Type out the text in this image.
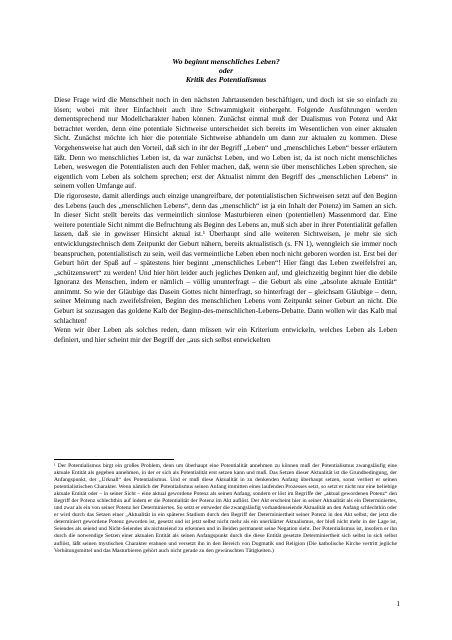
Wo beginnt menschliches Leben?
oder
Kritik des Potentialismus

Diese Frage wird die Menschheit noch in den nächsten Jahrtausenden beschäftigen, und doch ist sie so einfach zu lösen; wobei mit ihrer Einfachheit auch ihre Schwammigkeit einhergeht. Folgende Ausführungen werden dementsprechend nur Modellcharakter haben können. Zunächst einmal muß der Dualismus von Potenz und Akt betrachtet werden, denn eine potentiale Sichtweise unterscheidet sich bereits im Wesentlichen von einer aktualen Sicht. Zunächst möchte ich hier die potentiale Sichtweise abhandeln um dann zur aktualen zu kommen. Diese Vorgehensweise hat auch den Vorteil, daß sich in ihr der Begriff „Leben“ und „menschliches Leben“ besser erläutern läßt. Denn wo menschliches Leben ist, da war zunächst Leben, und wo Leben ist, da ist noch nicht menschliches Leben, weswegen die Potentialisten auch den Fehler machen, daß, wenn sie über menschliches Leben sprechen, sie eigentlich vom Leben als solchem sprechen; erst der Aktualist nimmt den Begriff des „menschlichen Lebens“ in seinem vollen Umfange auf.
Die rigoroseste, damit allerdings auch einzige unangreifbare, der potentialistischen Sichtweisen setzt auf den Beginn des Lebens (auch des „menschlichen Lebens“, denn das „menschlich“ ist ja ein Inhalt der Potenz) im Samen an sich. In dieser Sicht stellt bereits das vermeintlich sinnlose Masturbieren einen (potentiellen) Massenmord dar. Eine weitere potentiale Sicht nimmt die Befruchtung als Beginn des Lebens an, muß sich aber in ihrer Potentialität gefallen lassen, daß sie in gewisser Hinsicht aktual ist.¹ Überhaupt sind alle weiteren Sichtweisen, je mehr sie sich entwicklungstechnisch dem Zeitpunkt der Geburt nähern, bereits aktualistisch (s. FN 1), wenngleich sie immer noch beanspruchen, potentialistisch zu sein, weil das vermeintliche Leben eben noch nicht geboren worden ist. Erst bei der Geburt hört der Spaß auf – spätestens hier beginnt „menschliches Leben“! Hier fängt das Leben zweifelsfrei an, „schützenswert“ zu werden! Und hier hört leider auch jegliches Denken auf, und gleichzeitig beginnt hier die debile Ignoranz des Menschen, indem er nämlich – völlig ununterfragt – die Geburt als eine „absolute aktuale Entität“ annimmt. So wie der Gläubige das Dasein Gottes nicht hinterfragt, so hinterfragt der – gleichsam Gläubige – denn, seiner Meinung nach zweifelsfreien, Beginn des menschlichen Lebens vom Zeitpunkt seiner Geburt an nicht. Die Geburt ist sozusagen das goldene Kalb der Beginn-des-menschlichen-Lebens-Debatte. Dann wollen wir das Kalb mal schlachten!
Wenn wir über Leben als solches reden, dann müssen wir ein Kriterium entwickeln, welches Leben als Leben definiert, und hier scheint mir der Begriff der „aus sich selbst entwickelten

¹ Der Potentialismus birgt ein großes Problem, denn um überhaupt eine Potentialität annehmen zu können muß der Potentialismus zwangsläufig eine aktuale Entität als gegeben annehmen, in der er sich als Potentialität erst setzen kann und muß. Das Setzen dieser Aktualität ist die Grundbedingung, der Anfangspunkt, der „Urknall“ des Potentialismus. Und er muß diese Aktualität in zu denkenden Anfang überhaupt setzen, sonst verliert er seinen potentialistischen Charakter. Wenn nämlich der Potentialismus seinen Anfang immitten eines laufenden Prozesses setzt, so setzt er nicht nur eine beliebige aktuale Entität oder – in seiner Sicht – eine aktual gewordene Potenz als seinen Anfang, sondern er löst im Begriffe der „aktual gewordenen Potenz“ den Begriff der Potenz schlechthin auf indem er die Potentialität der Potenz im Akt auflöst. Der Akt erscheint hier in seiner Aktualität als ein Determiniertes, und zwar als ein von seiner Potenz her Determiniertes. So setzt er entweder die zwangsläufig vorhandenseiende Aktualität an den Anfang schlechthin oder er wird durch das Setzen einer „Aktualität in ein späteres Stadium durch den Begriff der Determiniertheit seiner Potenz in den Akt selbst, der jetzt die determiniert gewordene Potenz geworden ist, gesetzt und ist jetzt selbst nicht mehr als ein unerklärter Aktualismus, der bloß nicht mehr in der Lage ist, Seiendes als seiend und Nicht-Seiendes als nichtseiend zu erkennen und in Beiden permanent seine Negation sieht. Der Potentialismus ist, insofern er ihn durch die notwendige Setzen einer aktualen Entität als seinen Anfangspunkt durch die diese Entität gesetzte Determiniertheit sich selbst in sich selbst auflöst, läßt seinen mystischen Charakter erahnen und versetzt ihn in den Bereich von Dogmatik und Religion (Die katholische Kirche vertritt jegliche Verhütungsmittel und das Masturbieren gehört auch nicht gerade zu den gewünschten Tätigkeiten.)

1
